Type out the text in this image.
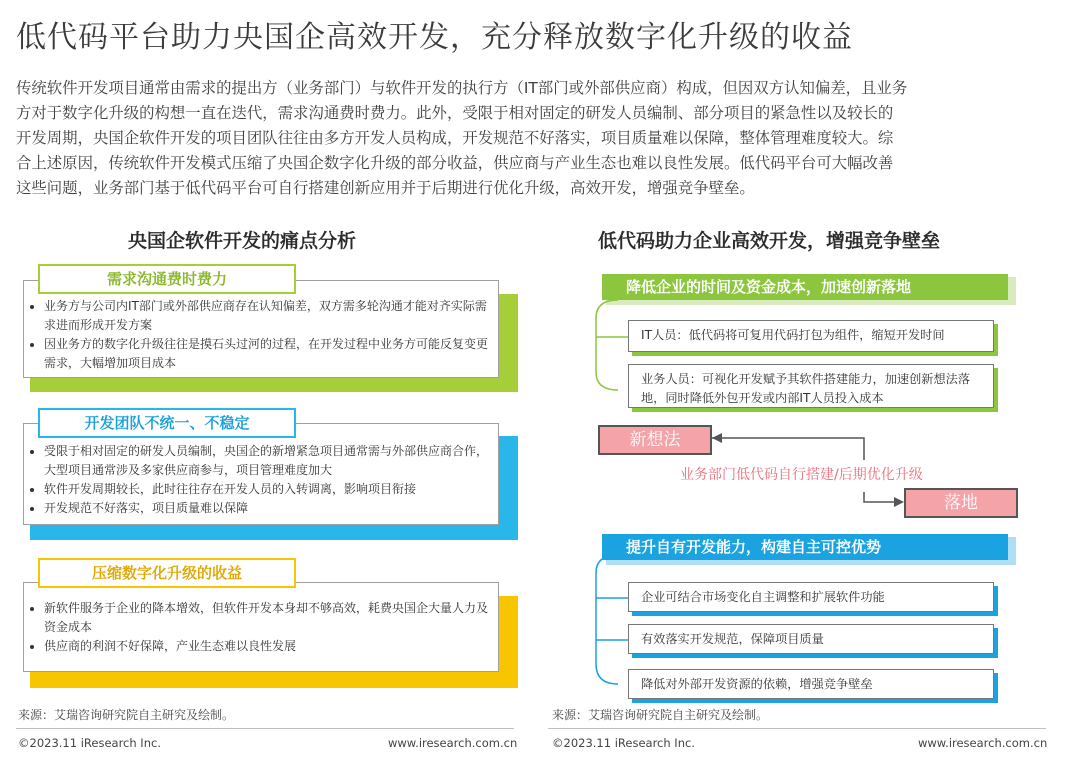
低代码平台助力央国企高效开发，充分释放数字化升级的收益

传统软件开发项目通常由需求的提出方（业务部门）与软件开发的执行方（IT部门或外部供应商）构成，但因双方认知偏差，且业务

方对于数字化升级的构想一直在迭代，需求沟通费时费力。此外，受限于相对固定的研发人员编制、部分项目的紧急性以及较长的

开发周期，央国企软件开发的项目团队往往由多方开发人员构成，开发规范不好落实，项目质量难以保障，整体管理难度较大。综

合上述原因，传统软件开发模式压缩了央国企数字化升级的部分收益，供应商与产业生态也难以良性发展。低代码平台可大幅改善

这些问题，业务部门基于低代码平台可自行搭建创新应用并于后期进行优化升级，高效开发，增强竞争壁垒。

央国企软件开发的痛点分析
• 业务方与公司内IT部门或外部供应商存在认知偏差，双方需多轮沟通才能对齐实际需求进而形成开发方案
• 因业务方的数字化升级往往是摸石头过河的过程，在开发过程中业务方可能反复变更需求，大幅增加项目成本
需求沟通费时费力
• 受限于相对固定的研发人员编制，央国企的新增紧急项目通常需与外部供应商合作，大型项目通常涉及多家供应商参与，项目管理难度加大
• 软件开发周期较长，此时往往存在开发人员的入转调离，影响项目衔接
• 开发规范不好落实，项目质量难以保障
开发团队不统一、不稳定
• 新软件服务于企业的降本增效，但软件开发本身却不够高效，耗费央国企大量人力及资金成本
• 供应商的利润不好保障，产业生态难以良性发展
压缩数字化升级的收益
低代码助力企业高效开发，增强竞争壁垒
降低企业的时间及资金成本，加速创新落地
IT人员：低代码将可复用代码打包为组件，缩短开发时间
业务人员：可视化开发赋予其软件搭建能力，加速创新想法落地，同时降低外包开发或内部IT人员投入成本
新想法
业务部门低代码自行搭建/后期优化升级
落地
提升自有开发能力，构建自主可控优势
企业可结合市场变化自主调整和扩展软件功能
有效落实开发规范，保障项目质量
降低对外部开发资源的依赖，增强竞争壁垒
来源：艾瑞咨询研究院自主研究及绘制。	来源：艾瑞咨询研究院自主研究及绘制。
©2023.11 iResearch Inc.	www.iresearch.com.cn	©2023.11 iResearch Inc.	www.iresearch.com.cn
